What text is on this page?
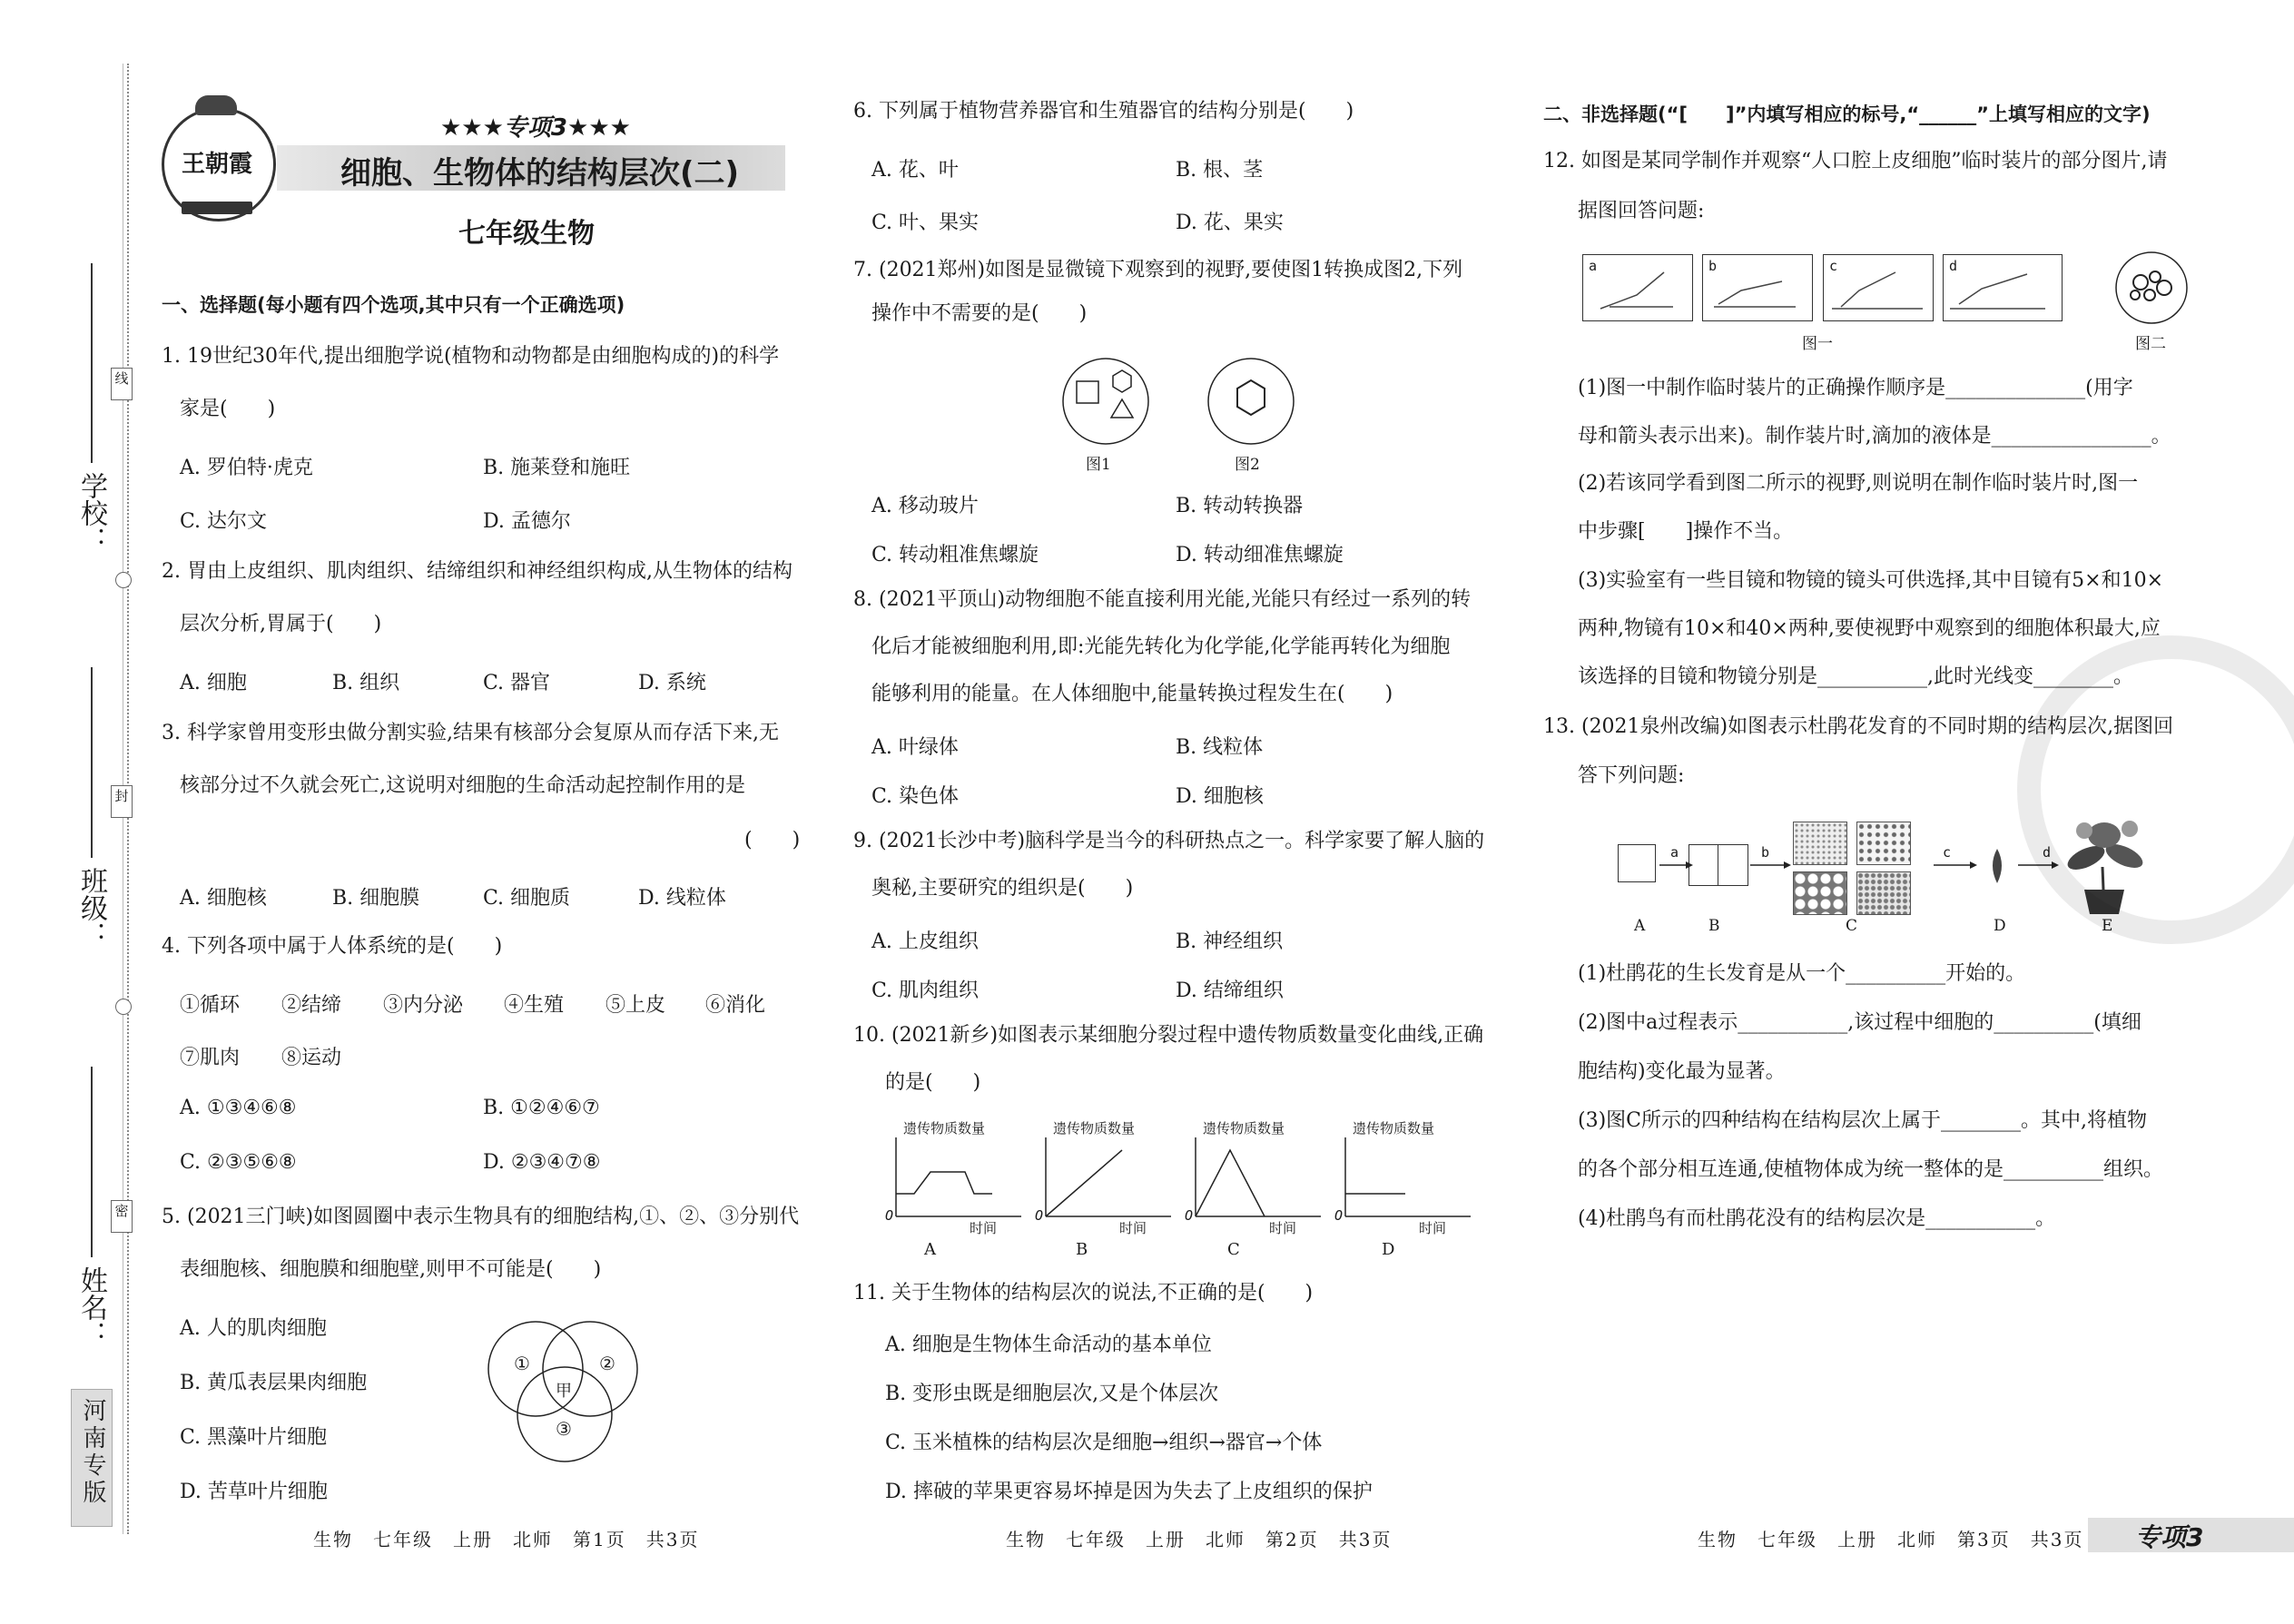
学校：
班级：
姓名：
线
封
密
河南专版
王朝霞
★★★专项3★★★
细胞、生物体的结构层次(二)
七年级生物
一、选择题(每小题有四个选项,其中只有一个正确选项)
1. 19世纪30年代,提出细胞学说(植物和动物都是由细胞构成的)的科学
家是(　　)
A. 罗伯特·虎克	B. 施莱登和施旺
C. 达尔文	D. 孟德尔
2. 胃由上皮组织、肌肉组织、结缔组织和神经组织构成,从生物体的结构
层次分析,胃属于(　　)
A. 细胞	B. 组织	C. 器官	D. 系统
3. 科学家曾用变形虫做分割实验,结果有核部分会复原从而存活下来,无
核部分过不久就会死亡,这说明对细胞的生命活动起控制作用的是
(　　)
A. 细胞核	B. 细胞膜	C. 细胞质	D. 线粒体
4. 下列各项中属于人体系统的是(　　)
①循环 ②结缔 ③内分泌 ④生殖 ⑤上皮 ⑥消化
⑦肌肉 ⑧运动
A. ①③④⑥⑧	B. ①②④⑥⑦
C. ②③⑤⑥⑧	D. ②③④⑦⑧
5. (2021三门峡)如图圆圈中表示生物具有的细胞结构,①、②、③分别代
表细胞核、细胞膜和细胞壁,则甲不可能是(　　)
A. 人的肌肉细胞
B. 黄瓜表层果肉细胞
C. 黑藻叶片细胞
D. 苦草叶片细胞
①	②
③
甲
生物　七年级　上册　北师　第1页　共3页
6. 下列属于植物营养器官和生殖器官的结构分别是(　　)
A. 花、叶	B. 根、茎
C. 叶、果实	D. 花、果实
7. (2021郑州)如图是显微镜下观察到的视野,要使图1转换成图2,下列
操作中不需要的是(　　)
图1	图2
A. 移动玻片	B. 转动转换器
C. 转动粗准焦螺旋	D. 转动细准焦螺旋
8. (2021平顶山)动物细胞不能直接利用光能,光能只有经过一系列的转
化后才能被细胞利用,即:光能先转化为化学能,化学能再转化为细胞
能够利用的能量。在人体细胞中,能量转换过程发生在(　　)
A. 叶绿体	B. 线粒体
C. 染色体	D. 细胞核
9. (2021长沙中考)脑科学是当今的科研热点之一。科学家要了解人脑的
奥秘,主要研究的组织是(　　)
A. 上皮组织	B. 神经组织
C. 肌肉组织	D. 结缔组织
10. (2021新乡)如图表示某细胞分裂过程中遗传物质数量变化曲线,正确
的是(　　)
遗传物质数量	遗传物质数量	遗传物质数量	遗传物质数量
O	O	O	O
时间	时间	时间	时间
A	B	C	D
11. 关于生物体的结构层次的说法,不正确的是(　　)
A. 细胞是生物体生命活动的基本单位
B. 变形虫既是细胞层次,又是个体层次
C. 玉米植株的结构层次是细胞→组织→器官→个体
D. 摔破的苹果更容易坏掉是因为失去了上皮组织的保护
生物　七年级　上册　北师　第2页　共3页
二、非选择题(“[　　]”内填写相应的标号,“______”上填写相应的文字)
12. 如图是某同学制作并观察“人口腔上皮细胞”临时装片的部分图片,请
据图回答问题:
a	b	c	d
图一	图二
(1)图一中制作临时装片的正确操作顺序是______________(用字
母和箭头表示出来)。制作装片时,滴加的液体是________________。
(2)若该同学看到图二所示的视野,则说明在制作临时装片时,图一
中步骤[　　]操作不当。
(3)实验室有一些目镜和物镜的镜头可供选择,其中目镜有5×和10×
两种,物镜有10×和40×两种,要使视野中观察到的细胞体积最大,应
该选择的目镜和物镜分别是___________,此时光线变________。
13. (2021泉州改编)如图表示杜鹃花发育的不同时期的结构层次,据图回
答下列问题:
a	b	c	d
A	B	C	D	E
(1)杜鹃花的生长发育是从一个__________开始的。
(2)图中a过程表示___________,该过程中细胞的__________(填细
胞结构)变化最为显著。
(3)图C所示的四种结构在结构层次上属于________。其中,将植物
的各个部分相互连通,使植物体成为统一整体的是__________组织。
(4)杜鹃鸟有而杜鹃花没有的结构层次是___________。
生物　七年级　上册　北师　第3页　共3页 专项3
